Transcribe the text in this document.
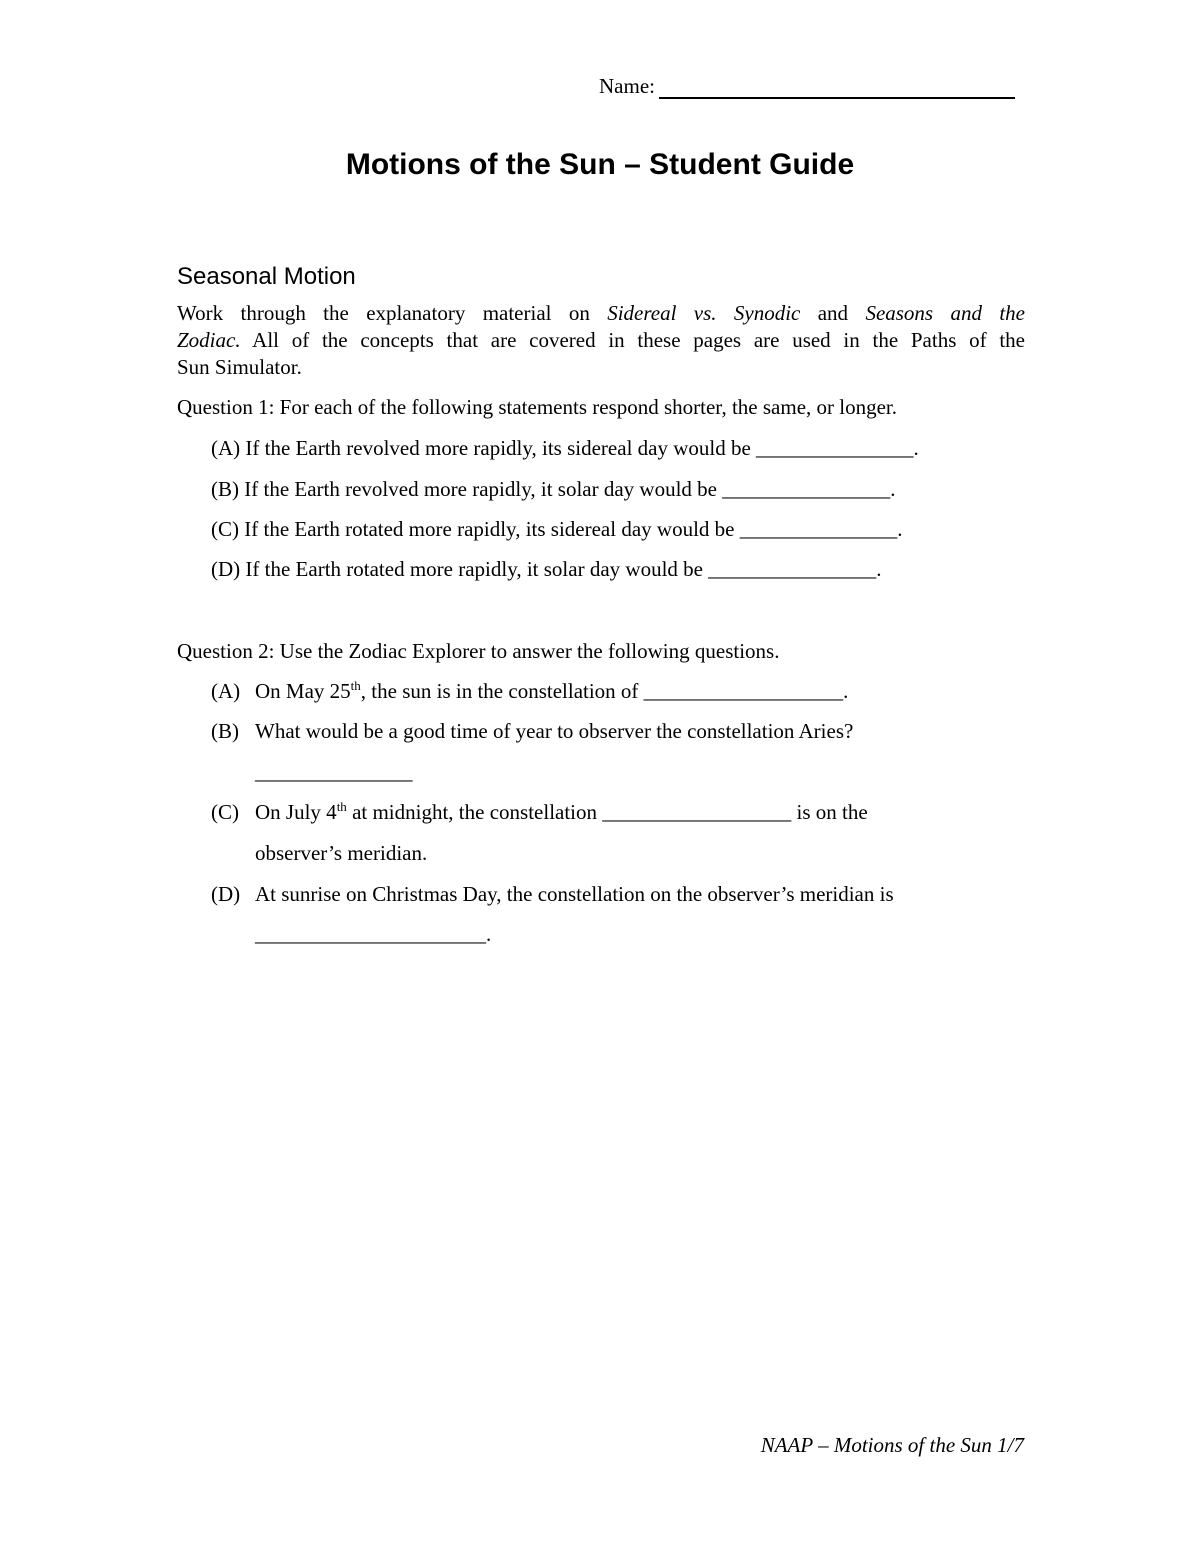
Name:
Motions of the Sun – Student Guide
Seasonal Motion
Work through the explanatory material on Sidereal vs. Synodic and Seasons and the
Zodiac. All of the concepts that are covered in these pages are used in the Paths of the
Sun Simulator.
Question 1: For each of the following statements respond shorter, the same, or longer.
(A) If the Earth revolved more rapidly, its sidereal day would be _______________.
(B) If the Earth revolved more rapidly, it solar day would be ________________.
(C) If the Earth rotated more rapidly, its sidereal day would be _______________.
(D) If the Earth rotated more rapidly, it solar day would be ________________.
Question 2: Use the Zodiac Explorer to answer the following questions.
(A) On May 25th, the sun is in the constellation of ___________________.
(B) What would be a good time of year to observer the constellation Aries?
_______________
(C) On July 4th at midnight, the constellation __________________ is on the
observer’s meridian.
(D) At sunrise on Christmas Day, the constellation on the observer’s meridian is
______________________.
NAAP – Motions of the Sun 1/7
